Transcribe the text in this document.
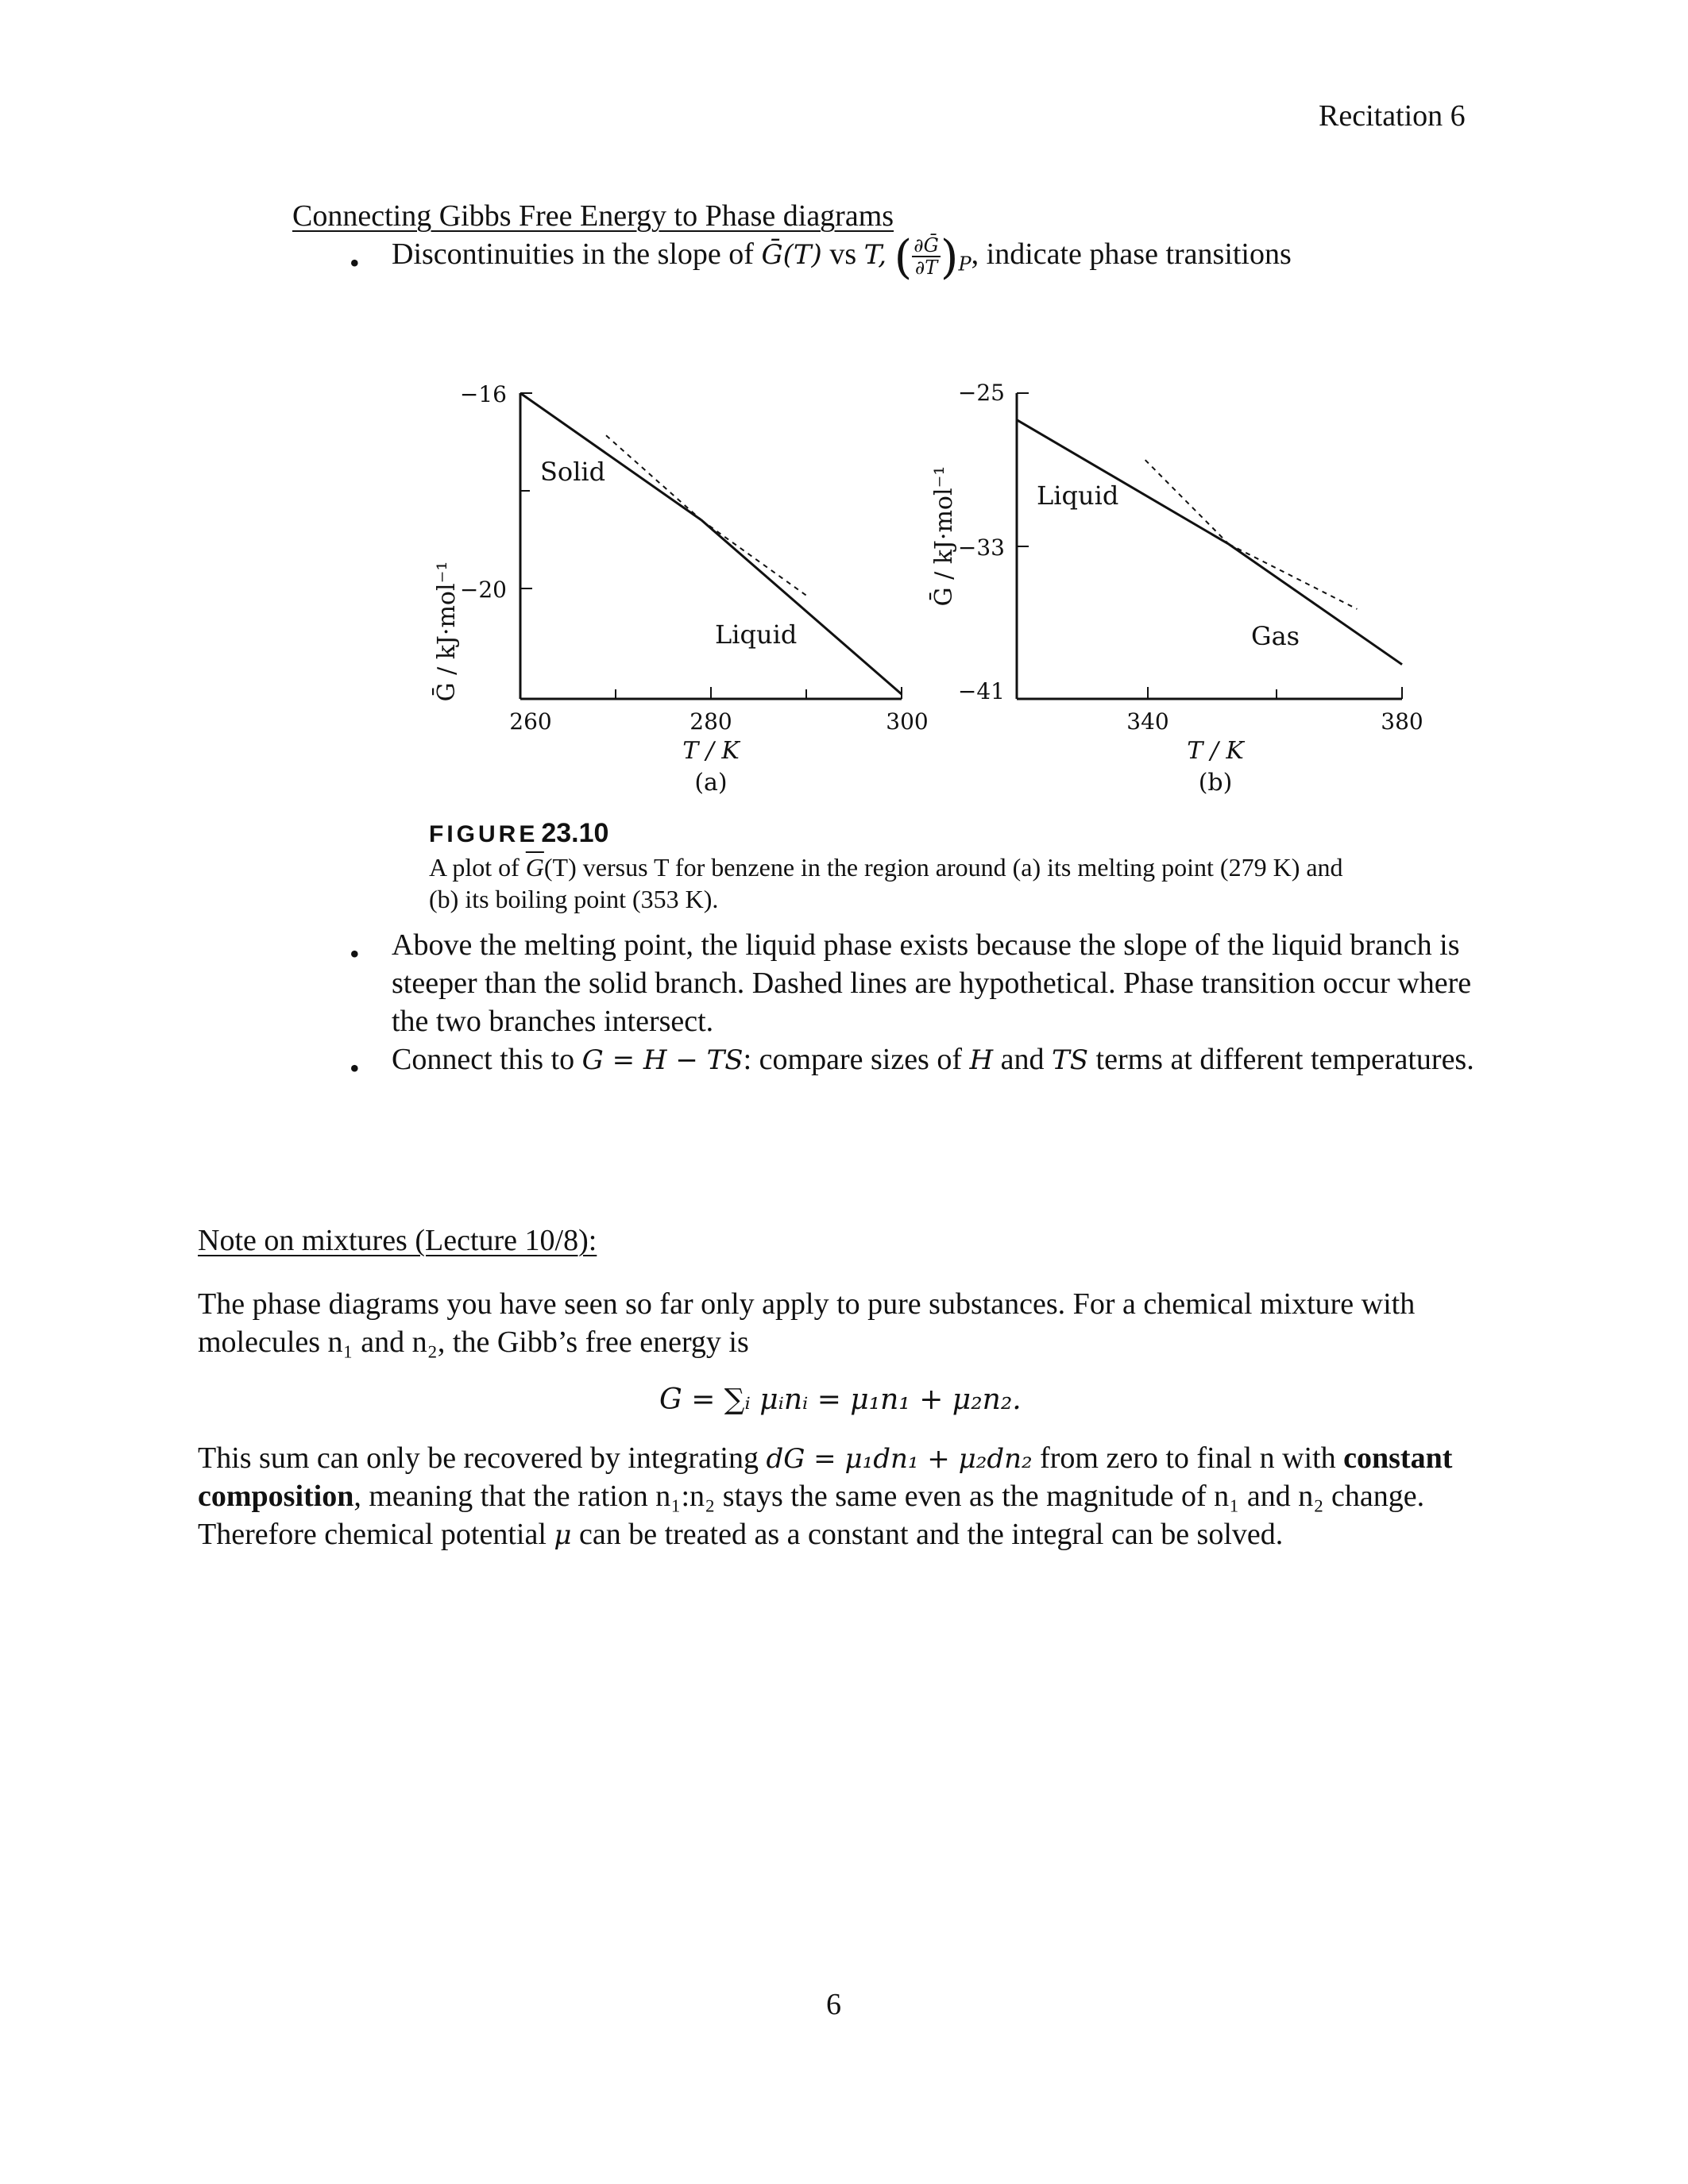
Recitation 6
Connecting Gibbs Free Energy to Phase diagrams
• Discontinuities in the slope of Ḡ(T) vs T, ( $\frac{\text{∂Ḡ}}{\partial T} )_P$, indicate phase transitions
−16
−20
260	280	300
T / K
(a)
Ḡ / kJ·mol⁻¹
Solid
Liquid
−25
−33
−41
340	380
T / K
(b)
Ḡ / kJ·mol⁻¹	Liquid
Gas
FIGURE 23.10
A plot of $\overline{G}(T)$ versus T for benzene in the region around (a) its melting point (279 K) and
(b) its boiling point (353 K).
• Above the melting point, the liquid phase exists because the slope of the liquid branch is
steeper than the solid branch. Dashed lines are hypothetical. Phase transition occur where
the two branches intersect.
• Connect this to G = H − TS: compare sizes of H and TS terms at different temperatures.
Note on mixtures (Lecture 10/8):
The phase diagrams you have seen so far only apply to pure substances. For a chemical mixture with
molecules n₁ and n₂, the Gibb’s free energy is
G = ∑ᵢ μᵢnᵢ = μ₁n₁ + μ₂n₂.
This sum can only be recovered by integrating dG = μ₁dn₁ + μ₂dn₂ from zero to final n with constant
composition, meaning that the ration n₁:n₂ stays the same even as the magnitude of n₁ and n₂ change.
Therefore chemical potential μ can be treated as a constant and the integral can be solved.
6
